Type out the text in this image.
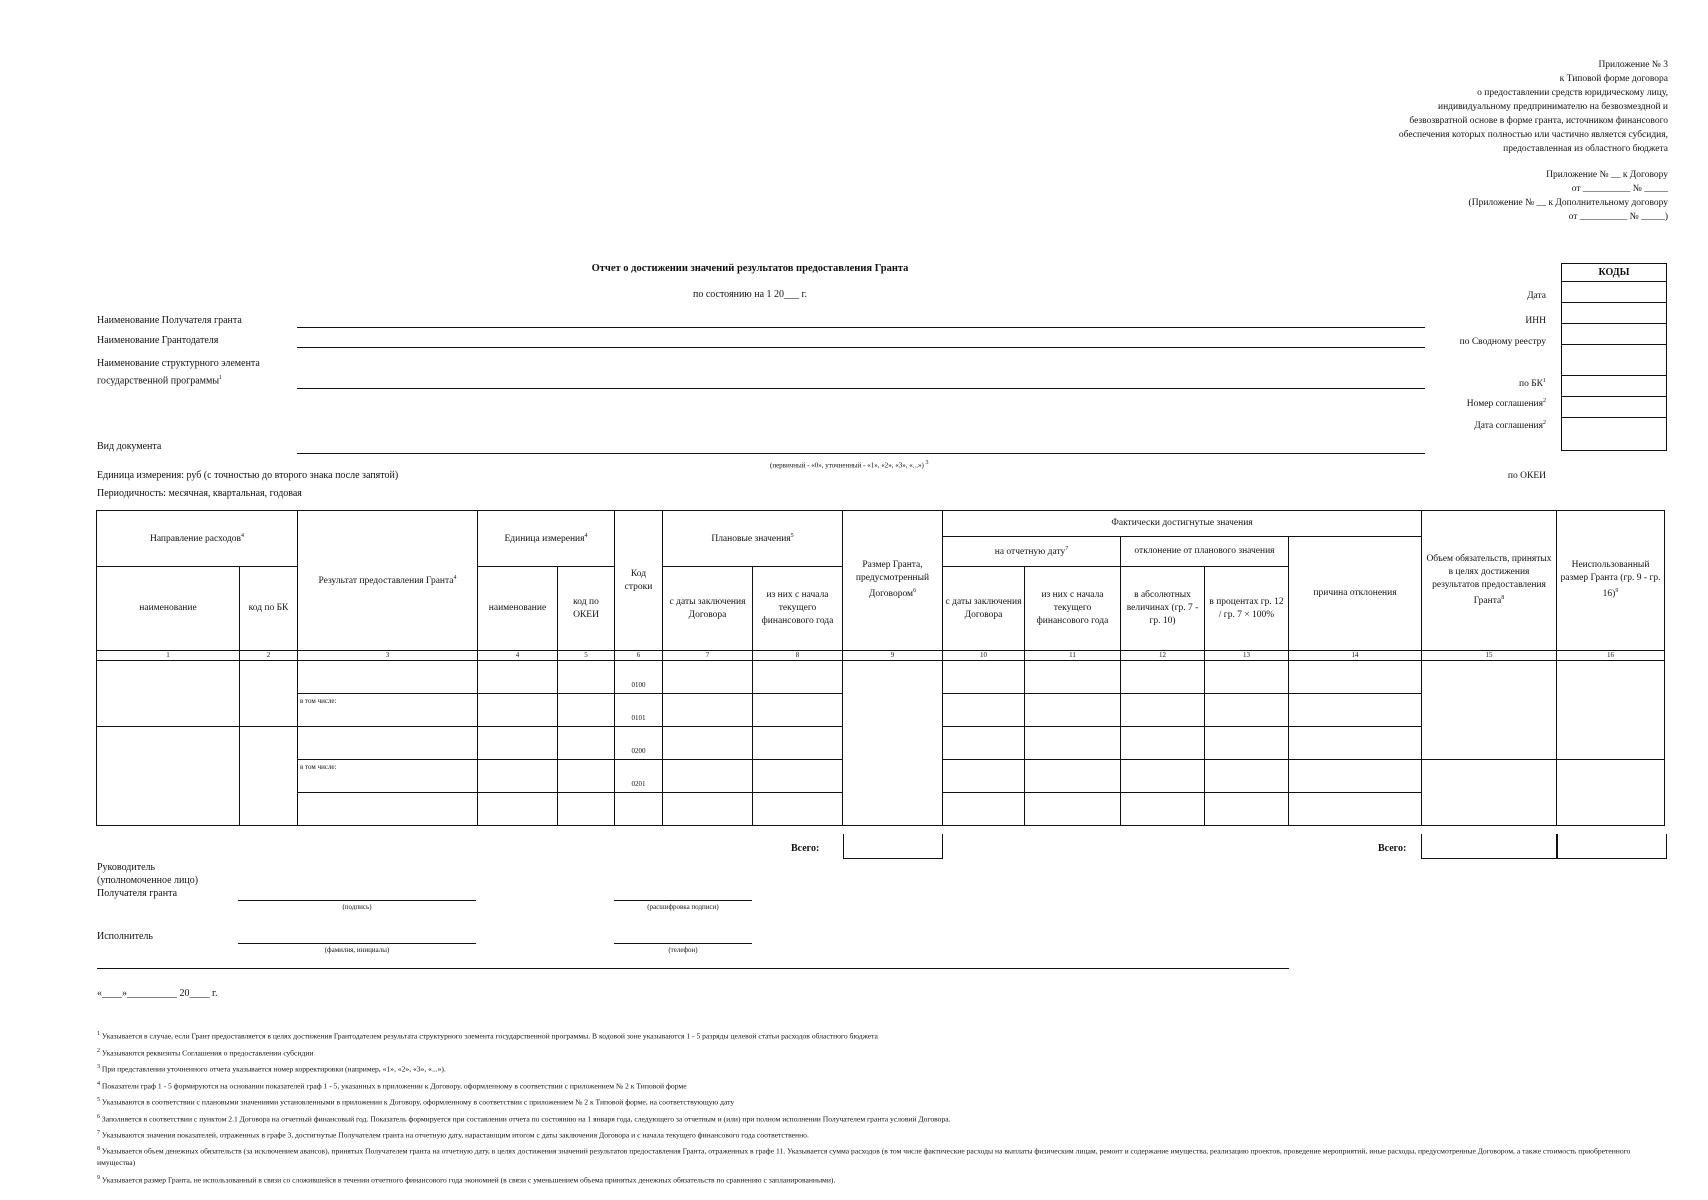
Приложение № 3
к Типовой форме договора
о предоставлении средств юридическому лицу,
индивидуальному предпринимателю на безвозмездной и
безвозвратной основе в форме гранта, источником финансового
обеспечения которых полностью или частично является субсидия,
предоставленная из областного бюджета
Приложение № __ к Договору
от __________ № _____
(Приложение № __ к Дополнительному договору
от __________ № _____)
Отчет о достижении значений результатов предоставления Гранта
по состоянию на 1 20___ г.
КОДЫ
Дата
ИНН
по Сводному реестру
по $БК^1$
Номер соглашения$^2$
Дата соглашения$^2$
по ОКЕИ
Наименование Получателя гранта
Наименование Грантодателя
Наименование структурного элемента
государственной программы$^1$
Вид документа
(первичный - «0», уточненный - «1», «2», «3», «...») $^3$
Единица измерения: руб (с точностью до второго знака после запятой)
Периодичность: месячная, квартальная, годовая
Направление расходов$^4$		Результат предоставления Гранта$^4$	Единица измерения$^4$		Код строки	Плановые значения$^5$		Размер Гранта, предусмотренный Договором$^6$	Фактически достигнутые значения					Объем обязательств, принятых в целях достижения результатов предоставления Гранта$^8$	Неиспользованный размер Гранта (гр. 9 - гр. 16)$^9$
									на отчетную дату$^7$		отклонение от планового значения		причина отклонения		
наименование	код по БК		наименование	код по ОКЕИ		с даты заключения Договора	из них с начала текущего финансового года		с даты заключения Договора	из них с начала текущего финансового года	в абсолютных величинах (гр. 7 - гр. 10)	в процентах гр. 12 / гр. 7 × 100%			
1	2	3	4	5	6	7	8	9	10	11	12	13	14	15	16
					0100										
		в том числе:			0101										
					0200										
		в том числе:			0201										

Всего:	Всего:
Руководитель
(уполномоченное лицо)
Получателя гранта
(подпись)	(расшифровка подписи)
Исполнитель
(фамилия, инициалы)	(телефон)
«____»__________ 20____ г.

$^1$ Указывается в случае, если Грант предоставляется в целях достижения Грантодателем результата структурного элемента государственной программы. В кодовой зоне указываются 1 - 5 разряды целевой статьи расходов областного бюджета

$^2$ Указываются реквизиты Соглашения о предоставлении субсидии

$^3$ При представлении уточненного отчета указывается номер корректировки (например, «1», «2», «3», «...»).

$^4$ Показатели граф 1 - 5 формируются на основании показателей граф 1 - 5, указанных в приложении к Договору, оформленному в соответствии с приложением № 2 к Типовой форме

$^5$ Указываются в соответствии с плановыми значениями установленными в приложении к Договору, оформленному в соответствии с приложением № 2 к Типовой форме, на соответствующую дату

$^6$ Заполняется в соответствии с пунктом 2.1 Договора на отчетный финансовый год. Показатель формируется при составлении отчета по состоянию на 1 января года, следующего за отчетным и (или) при полном исполнении Получателем гранта условий Договора.

$^7$ Указываются значения показателей, отраженных в графе 3, достигнутые Получателем гранта на отчетную дату, нарастающим итогом с даты заключения Договора и с начала текущего финансового года соответственно.

$^8$ Указывается объем денежных обязательств (за исключением авансов), принятых Получателем гранта на отчетную дату, в целях достижения значений результатов предоставления Гранта, отраженных в графе 11. Указывается сумма расходов (в том числе фактические расходы на выплаты физическим лицам, ремонт и содержание имущества, реализацию проектов, проведение мероприятий, иные расходы, предусмотренные Договором, а также стоимость приобретенного имущества)

$^9$ Указывается размер Гранта, не использованный в связи со сложившейся в течении отчетного финансового года экономией (в связи с уменьшением объема принятых денежных обязательств по сравнению с запланированными).
